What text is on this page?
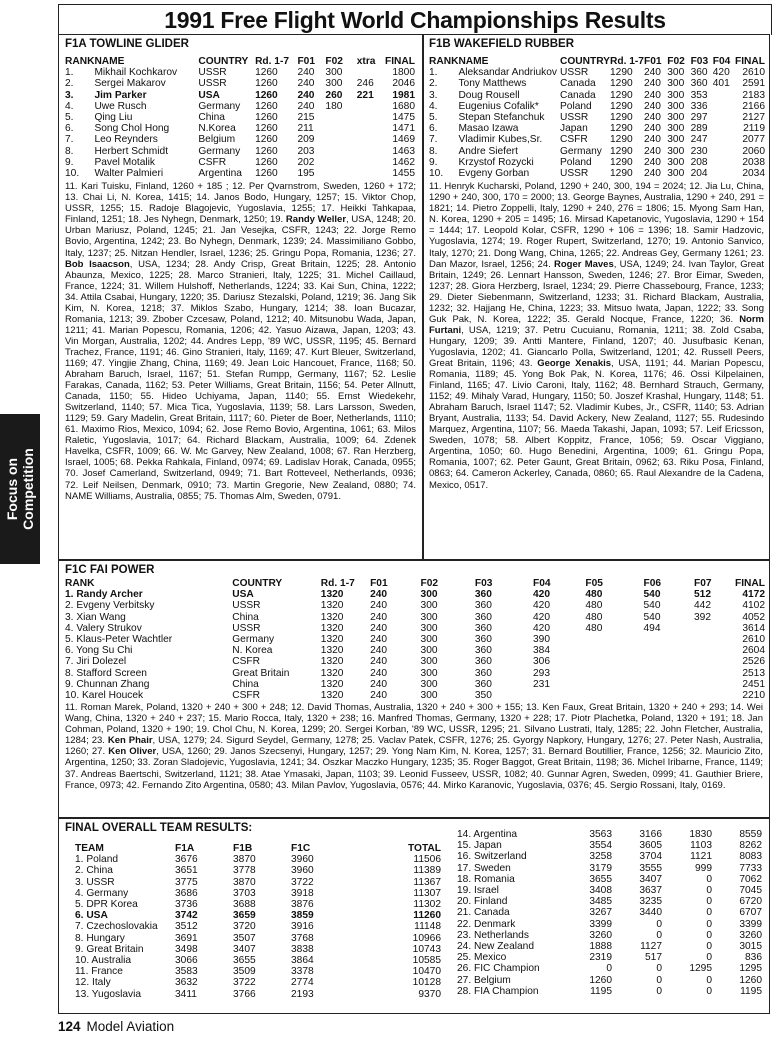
1991 Free Flight World Championships Results
Focus on Competition
F1A TOWLINE GLIDER
RANK	NAME	COUNTRY	Rd. 1-7	F01	F02	xtra	FINAL
1.	Mikhail Kochkarov	USSR	1260	240	300		1800
2.	Sergei Makarov	USSR	1260	240	300	246	2046
3.	Jim Parker	USA	1260	240	260	221	1981
4.	Uwe Rusch	Germany	1260	240	180		1680
5.	Qing Liu	China	1260	215			1475
6.	Song Chol Hong	N.Korea	1260	211			1471
7.	Leo Reynders	Belgium	1260	209			1469
8.	Herbert Schmidt	Germany	1260	203			1463
9.	Pavel Motalik	CSFR	1260	202			1462
10.	Walter Palmieri	Argentina	1260	195			1455
11. Kari Tuisku, Finland, 1260 + 185 ; 12. Per Qvarnstrom, Sweden, 1260 + 172; 13. Chai Li, N. Korea, 1415; 14. Janos Bodo, Hungary, 1257; 15. Viktor Chop, USSR, 1255; 15. Radoje Blagojevic, Yugoslavia, 1255; 17. Heikki Tahkapaa, Finland, 1251; 18. Jes Nyhegn, Denmark, 1250; 19. Randy Weller, USA, 1248; 20. Urban Mariusz, Poland, 1245; 21. Jan Vesejka, CSFR, 1243; 22. Jorge Remo Bovio, Argentina, 1242; 23. Bo Nyhegn, Denmark, 1239; 24. Massimiliano Gobbo, Italy, 1237; 25. Nitzan Hendler, Israel, 1236; 25. Gringu Popa, Romania, 1236; 27. Bob Isaacson, USA, 1234; 28. Andy Crisp, Great Britain, 1225; 28. Antonio Abaunza, Mexico, 1225; 28. Marco Stranieri, Italy, 1225; 31. Michel Caillaud, France, 1224; 31. Willem Hulshoff, Netherlands, 1224; 33. Kai Sun, China, 1222; 34. Attila Csabai, Hungary, 1220; 35. Dariusz Stezalski, Poland, 1219; 36. Jang Sik Kim, N. Korea, 1218; 37. Miklos Szabo, Hungary, 1214; 38. Ioan Bucazar, Romania, 1213; 39. Zbober Czcesaw, Poland, 1212; 40. Mitsunobu Wada, Japan, 1211; 41. Marian Popescu, Romania, 1206; 42. Yasuo Aizawa, Japan, 1203; 43. Vin Morgan, Australia, 1202; 44. Andres Lepp, '89 WC, USSR, 1195; 45. Bernard Trachez, France, 1191; 46. Gino Stranieri, Italy, 1169; 47. Kurt Bleuer, Switzerland, 1169; 47. Yingjie Zhang, China, 1169; 49. Jean Loic Hancouet, France, 1168; 50. Abraham Baruch, Israel, 1167; 51. Stefan Rumpp, Germany, 1167; 52. Leslie Farakas, Canada, 1162; 53. Peter Williams, Great Britain, 1156; 54. Peter Allnutt, Canada, 1150; 55. Hideo Uchiyama, Japan, 1140; 55. Ernst Wiedekehr, Switzerland, 1140; 57. Mica Tica, Yugoslavia, 1139; 58. Lars Larsson, Sweden, 1129; 59. Gary Madelin, Great Britain, 1117; 60. Pieter de Boer, Netherlands, 1110; 61. Maximo Rios, Mexico, 1094; 62. Jose Remo Bovio, Argentina, 1061; 63. Milos Raletic, Yugoslavia, 1017; 64. Richard Blackam, Australia, 1009; 64. Zdenek Havelka, CSFR, 1009; 66. W. Mc Garvey, New Zealand, 1008; 67. Ran Herzberg, Israel, 1005; 68. Pekka Rahkala, Finland, 0974; 69. Ladislav Horak, Canada, 0955; 70. Josef Camerland, Switzerland, 0949; 71. Bart Rotteveel, Netherlands, 0936; 72. Leif Neilsen, Denmark, 0910; 73. Martin Gregorie, New Zealand, 0880; 74. NAME Williams, Australia, 0855; 75. Thomas Alm, Sweden, 0791.
F1B WAKEFIELD RUBBER
RANK	NAME	COUNTRY	Rd. 1-7	F01	F02	F03	F04	FINAL
1.	Aleksandar Andriukov	USSR	1290	240	300	360	420	2610
2.	Tony Matthews	Canada	1290	240	300	360	401	2591
3.	Doug Rousell	Canada	1290	240	300	353		2183
4.	Eugenius Cofalik*	Poland	1290	240	300	336		2166
5.	Stepan Stefanchuk	USSR	1290	240	300	297		2127
6.	Masao Izawa	Japan	1290	240	300	289		2119
7.	Vladimir Kubes,Sr.	CSFR	1290	240	300	247		2077
8.	Andre Siefert	Germany	1290	240	300	230		2060
9.	Krzystof Rozycki	Poland	1290	240	300	208		2038
10.	Evgeny Gorban	USSR	1290	240	300	204		2034
11. Henryk Kucharski, Poland, 1290 + 240, 300, 194 = 2024; 12. Jia Lu, China, 1290 + 240, 300, 170 = 2000; 13. George Baynes, Australia, 1290 + 240, 291 = 1821; 14. Pietro Zoppelli, Italy, 1290 + 240, 276 = 1806; 15. Myong Sam Han, N. Korea, 1290 + 205 = 1495; 16. Mirsad Kapetanovic, Yugoslavia, 1290 + 154 = 1444; 17. Leopold Kolar, CSFR, 1290 + 106 = 1396; 18. Samir Hadzovic, Yugoslavia, 1274; 19. Roger Rupert, Switzerland, 1270; 19. Antonio Sanvico, Italy, 1270; 21. Dong Wang, China, 1265; 22. Andreas Gey, Germany 1261; 23. Dan Mazor, Israel, 1256; 24. Roger Maves, USA, 1249; 24. Ivan Taylor, Great Britain, 1249; 26. Lennart Hansson, Sweden, 1246; 27. Bror Eimar, Sweden, 1237; 28. Giora Herzberg, Israel, 1234; 29. Pierre Chassebourg, France, 1233; 29. Dieter Siebenmann, Switzerland, 1233; 31. Richard Blackam, Australia, 1232; 32. Hajjang He, China, 1223; 33. Mitsuo Iwata, Japan, 1222; 33. Song Guk Pak, N. Korea, 1222; 35. Gerald Nocque, France, 1220; 36. Norm Furtani, USA, 1219; 37. Petru Cucuianu, Romania, 1211; 38. Zold Csaba, Hungary, 1209; 39. Antti Mantere, Finland, 1207; 40. Jusufbasic Kenan, Yugoslavia, 1202; 41. Giancarlo Polla, Switzerland, 1201; 42. Russell Peers, Great Britain, 1196; 43. George Xenakis, USA, 1191; 44. Marian Popescu, Romania, 1189; 45. Yong Bok Pak, N. Korea, 1176; 46. Ossi Kilpelainen, Finland, 1165; 47. Livio Caroni, Italy, 1162; 48. Bernhard Strauch, Germany, 1152; 49. Mihaly Varad, Hungary, 1150; 50. Joszef Krashal, Hungary, 1148; 51. Abraham Baruch, Israel 1147; 52. Vladimir Kubes, Jr., CSFR, 1140; 53. Adrian Bryant, Australia, 1133; 54. David Ackery, New Zealand, 1127; 55. Rudesindo Marquez, Argentina, 1107; 56. Maeda Takashi, Japan, 1093; 57. Leif Ericsson, Sweden, 1078; 58. Albert Koppitz, France, 1056; 59. Oscar Viggiano, Argentina, 1050; 60. Hugo Benedini, Argentina, 1009; 61. Gringu Popa, Romania, 1007; 62. Peter Gaunt, Great Britain, 0962; 63. Riku Posa, Finland, 0863; 64. Cameron Ackerley, Canada, 0860; 65. Raul Alexandre de la Cadena, Mexico, 0517.
F1C FAI POWER
RANK	COUNTRY	Rd. 1-7	F01	F02	F03	F04	F05	F06	F07	FINAL
1. Randy Archer	USA	1320	240	300	360	420	480	540	512	4172
2. Evgeny Verbitsky	USSR	1320	240	300	360	420	480	540	442	4102
3. Xian Wang	China	1320	240	300	360	420	480	540	392	4052
4. Valery Strukov	USSR	1320	240	300	360	420	480	494		3614
5. Klaus-Peter Wachtler	Germany	1320	240	300	360	390				2610
6. Yong Su Chi	N. Korea	1320	240	300	360	384				2604
7. Jiri Dolezel	CSFR	1320	240	300	360	306				2526
8. Stafford Screen	Great Britain	1320	240	300	360	293				2513
9. Chunnan Zhang	China	1320	240	300	360	231				2451
10. Karel Houcek	CSFR	1320	240	300	350					2210
11. Roman Marek, Poland, 1320 + 240 + 300 + 248; 12. David Thomas, Australia, 1320 + 240 + 300 + 155; 13. Ken Faux, Great Britain, 1320 + 240 + 293; 14. Wei Wang, China, 1320 + 240 + 237; 15. Mario Rocca, Italy, 1320 + 238; 16. Manfred Thomas, Germany, 1320 + 228; 17. Piotr Plachetka, Poland, 1320 + 191; 18. Jan Cohman, Poland, 1320 + 190; 19. Chol Chu, N. Korea, 1299; 20. Sergei Korban, '89 WC, USSR, 1295; 21. Silvano Lustrati, Italy, 1285; 22. John Fletcher, Australia, 1284; 23. Ken Phair, USA, 1279; 24. Sigurd Seydel, Germany, 1278; 25. Vaclav Patek, CSFR, 1276; 25. Gyorgy Napkory, Hungary, 1276; 27. Peter Nash, Australia, 1260; 27. Ken Oliver, USA, 1260; 29. Janos Szecsenyi, Hungary, 1257; 29. Yong Nam Kim, N. Korea, 1257; 31. Bernard Boutillier, France, 1256; 32. Mauricio Zito, Argentina, 1250; 33. Zoran Sladojevic, Yugoslavia, 1241; 34. Oszkar Maczko Hungary, 1235; 35. Roger Baggot, Great Britain, 1198; 36. Michel Iribarne, France, 1149; 37. Andreas Baertschi, Switzerland, 1121; 38. Atae Ymasaki, Japan, 1103; 39. Leonid Fusseev, USSR, 1082; 40. Gunnar Agren, Sweden, 0999; 41. Gauthier Briere, France, 0973; 42. Fernando Zito Argentina, 0580; 43. Milan Pavlov, Yugoslavia, 0576; 44. Mirko Karanovic, Yugoslavia, 0376; 45. Sergio Rossani, Italy, 0169.
FINAL OVERALL TEAM RESULTS:
TEAM	F1A	F1B	F1C	TOTAL
1. Poland	3676	3870	3960	11506
2. China	3651	3778	3960	11389
3. USSR	3775	3870	3722	11367
4. Germany	3686	3703	3918	11307
5. DPR Korea	3736	3688	3876	11302
6. USA	3742	3659	3859	11260
7. Czechoslovakia	3512	3720	3916	11148
8. Hungary	3691	3507	3768	10966
9. Great Britain	3498	3407	3838	10743
10. Australia	3066	3655	3864	10585
11. France	3583	3509	3378	10470
12. Italy	3632	3722	2774	10128
13. Yugoslavia	3411	3766	2193	9370
14. Argentina	3563	3166	1830	8559
15. Japan	3554	3605	1103	8262
16. Switzerland	3258	3704	1121	8083
17. Sweden	3179	3555	999	7733
18. Romania	3655	3407	0	7062
19. Israel	3408	3637	0	7045
20. Finland	3485	3235	0	6720
21. Canada	3267	3440	0	6707
22. Denmark	3399	0	0	3399
23. Netherlands	3260	0	0	3260
24. New Zealand	1888	1127	0	3015
25. Mexico	2319	517	0	836
26. FIC Champion	0	0	1295	1295
27. Belgium	1260	0	0	1260
28. FIA Champion	1195	0	0	1195
124 Model Aviation
